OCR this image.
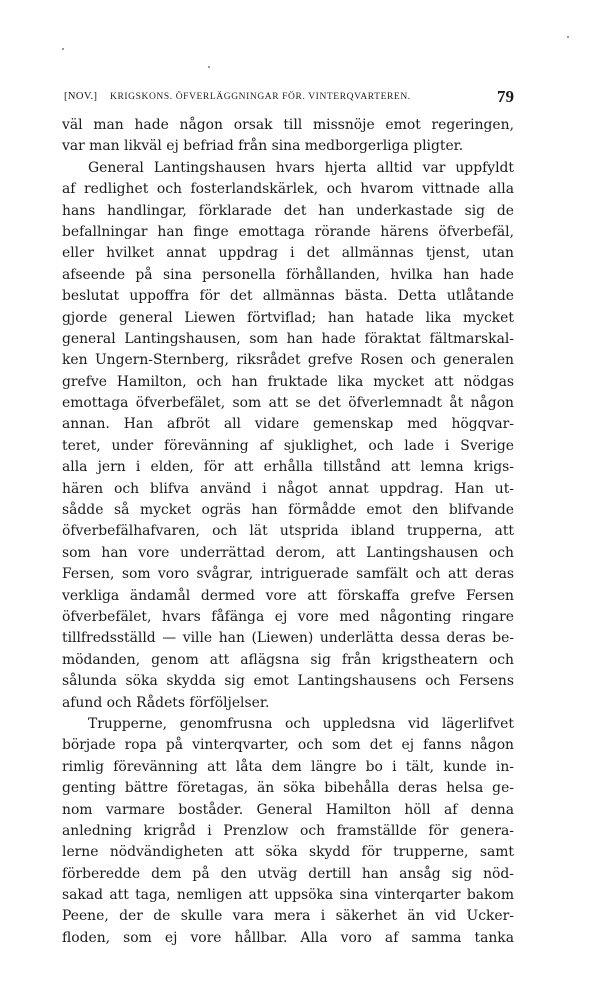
[NOV.] KRIGSKONS. ÖFVERLÄGGNINGAR FÖR. VINTERQVARTEREN.	79
väl man hade någon orsak till missnöje emot regeringen,
var man likväl ej befriad från sina medborgerliga pligter.
General Lantingshausen hvars hjerta alltid var uppfyldt
af redlighet och fosterlandskärlek, och hvarom vittnade alla
hans handlingar, förklarade det han underkastade sig de
befallningar han finge emottaga rörande härens öfverbefäl,
eller hvilket annat uppdrag i det allmännas tjenst, utan
afseende på sina personella förhållanden, hvilka han hade
beslutat uppoffra för det allmännas bästa. Detta utlåtande
gjorde general Liewen förtviflad; han hatade lika mycket
general Lantingshausen, som han hade föraktat fältmarskal-
ken Ungern-Sternberg, riksrådet grefve Rosen och generalen
grefve Hamilton, och han fruktade lika mycket att nödgas
emottaga öfverbefälet, som att se det öfverlemnadt åt någon
annan. Han afbröt all vidare gemenskap med högqvar-
teret, under förevänning af sjuklighet, och lade i Sverige
alla jern i elden, för att erhålla tillstånd att lemna krigs-
hären och blifva använd i något annat uppdrag. Han ut-
sådde så mycket ogräs han förmådde emot den blifvande
öfverbefälhafvaren, och lät utsprida ibland trupperna, att
som han vore underrättad derom, att Lantingshausen och
Fersen, som voro svågrar, intriguerade samfält och att deras
verkliga ändamål dermed vore att förskaffa grefve Fersen
öfverbefälet, hvars fåfänga ej vore med någonting ringare
tillfredsställd — ville han (Liewen) underlätta dessa deras be-
mödanden, genom att aflägsna sig från krigstheatern och
sålunda söka skydda sig emot Lantingshausens och Fersens
afund och Rådets förföljelser.
Trupperne, genomfrusna och uppledsna vid lägerlifvet
började ropa på vinterqvarter, och som det ej fanns någon
rimlig förevänning att låta dem längre bo i tält, kunde in-
genting bättre företagas, än söka bibehålla deras helsa ge-
nom varmare boståder. General Hamilton höll af denna
anledning krigråd i Prenzlow och framställde för genera-
lerne nödvändigheten att söka skydd för trupperne, samt
förberedde dem på den utväg dertill han ansåg sig nöd-
sakad att taga, nemligen att uppsöka sina vinterqarter bakom
Peene, der de skulle vara mera i säkerhet än vid Ucker-
floden, som ej vore hållbar. Alla voro af samma tanka
